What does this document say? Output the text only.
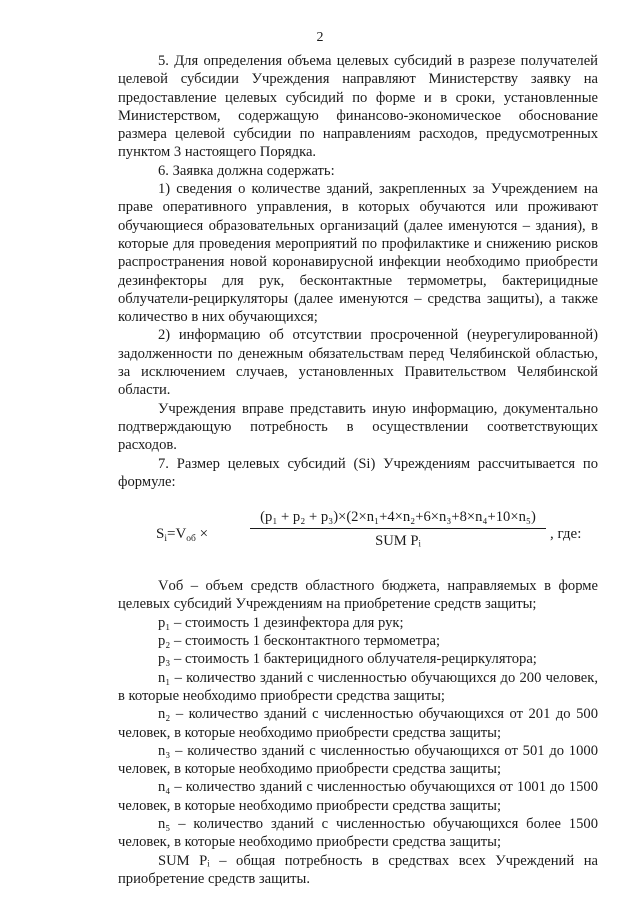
2

5. Для определения объема целевых субсидий в разрезе получателей целевой субсидии Учреждения направляют Министерству заявку на предоставление целевых субсидий по форме и в сроки, установленные Министерством, содержащую финансово-экономическое обоснование размера целевой субсидии по направлениям расходов, предусмотренных пунктом 3 настоящего Порядка.

6. Заявка должна содержать:

1) сведения о количестве зданий, закрепленных за Учреждением на праве оперативного управления, в которых обучаются или проживают обучающиеся образовательных организаций (далее именуются – здания), в которые для проведения мероприятий по профилактике и снижению рисков распространения новой коронавирусной инфекции необходимо приобрести дезинфекторы для рук, бесконтактные термометры, бактерицидные облучатели-рециркуляторы (далее именуются – средства защиты), а также количество в них обучающихся;

2) информацию об отсутствии просроченной (неурегулированной) задолженности по денежным обязательствам перед Челябинской областью, за исключением случаев, установленных Правительством Челябинской области.

Учреждения вправе представить иную информацию, документально подтверждающую потребность в осуществлении соответствующих расходов.

7. Размер целевых субсидий (Si) Учреждениям рассчитывается по формуле:

$S_i=V_{об}$ ×
(p₁ + p₂ + p₃)×(2×n₁+4×n₂+6×n₃+8×n₄+10×n₅)
SUM Pᵢ	, где:

Vоб – объем средств областного бюджета, направляемых в форме целевых субсидий Учреждениям на приобретение средств защиты;

p₁ – стоимость 1 дезинфектора для рук;

p₂ – стоимость 1 бесконтактного термометра;

p₃ – стоимость 1 бактерицидного облучателя-рециркулятора;

n₁ – количество зданий с численностью обучающихся до 200 человек, в которые необходимо приобрести средства защиты;

n₂ – количество зданий с численностью обучающихся от 201 до 500 человек, в которые необходимо приобрести средства защиты;

n₃ – количество зданий с численностью обучающихся от 501 до 1000 человек, в которые необходимо приобрести средства защиты;

n₄ – количество зданий с численностью обучающихся от 1001 до 1500 человек, в которые необходимо приобрести средства защиты;

n₅ – количество зданий с численностью обучающихся более 1500 человек, в которые необходимо приобрести средства защиты;

SUM Pᵢ – общая потребность в средствах всех Учреждений на приобретение средств защиты.
